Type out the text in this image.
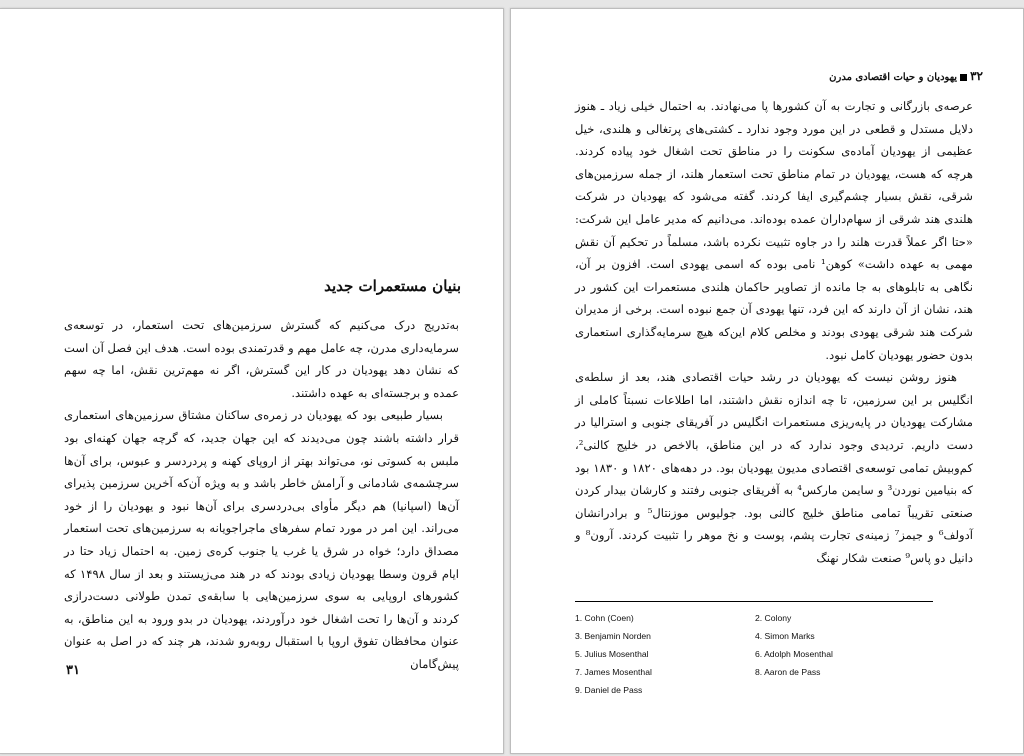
بنیان مستعمرات جدید

به‌تدریج درک می‌کنیم که گسترش سرزمین‌های تحت استعمار، در توسعه‌ی سرمایه‌داری مدرن، چه عامل مهم و قدرتمندی بوده است. هدف این فصل آن است که نشان دهد یهودیان در کار این گسترش، اگر نه مهم‌ترین نقش، اما چه سهم عمده و برجسته‌ای به عهده داشتند.

بسیار طبیعی بود که یهودیان در زمره‌ی ساکنان مشتاق سرزمین‌های استعماری قرار داشته باشند چون می‌دیدند که این جهان جدید، که گرچه جهان کهنه‌ای بود ملبس به کسوتی نو، می‌تواند بهتر از اروپای کهنه و پردردسر و عبوس، برای آن‌ها سرچشمه‌ی شادمانی و آرامش خاطر باشد و به ویژه آن‌که آخرین سرزمین پذیرای آن‌ها (اسپانیا) هم دیگر مأوای بی‌دردسری برای آن‌ها نبود و یهودیان را از خود می‌راند. این امر در مورد تمام سفرهای ماجراجویانه به سرزمین‌های تحت استعمار مصداق دارد؛ خواه در شرق یا غرب یا جنوب کره‌ی زمین. به احتمال زیاد حتا در ایام قرون وسطا یهودیان زیادی بودند که در هند می‌زیستند و بعد از سال ۱۴۹۸ که کشورهای اروپایی به سوی سرزمین‌هایی با سابقه‌ی تمدن طولانی دست‌درازی کردند و آن‌ها را تحت اشغال خود درآوردند، یهودیان در بدو ورود به این مناطق، به عنوان محافظان تفوق اروپا با استقبال روبه‌رو شدند، هر چند که در اصل به عنوان پیش‌گامان

۳۱
۳۲یهودیان و حیات اقتصادی مدرن

عرصه‌ی بازرگانی و تجارت به آن کشورها پا می‌نهادند. به احتمال خیلی زیاد ـ هنوز دلایل مستدل و قطعی در این مورد وجود ندارد ـ کشتی‌های پرتغالی و هلندی، خیل عظیمی از یهودیان آماده‌ی سکونت را در مناطق تحت اشغال خود پیاده کردند. هرچه که هست، یهودیان در تمام مناطق تحت استعمار هلند، از جمله سرزمین‌های شرقی، نقش بسیار چشم‌گیری ایفا کردند. گفته می‌شود که یهودیان در شرکت هلندی هند شرقی از سهام‌داران عمده بوده‌اند. می‌دانیم که مدیر عامل این شرکت: «حتا اگر عملاً قدرت هلند را در جاوه تثبیت نکرده باشد، مسلماً در تحکیم آن نقش مهمی به عهده داشت» کوهن¹ نامی بوده که اسمی یهودی است. افزون بر آن، نگاهی به تابلوهای به جا مانده از تصاویر حاکمان هلندی مستعمرات این کشور در هند، نشان از آن دارند که این فرد، تنها یهودی آن جمع نبوده است. برخی از مدیران شرکت هند شرقی یهودی بودند و مخلص کلام این‌که هیچ سرمایه‌گذاری استعماری بدون حضور یهودیان کامل نبود.

هنوز روشن نیست که یهودیان در رشد حیات اقتصادی هند، بعد از سلطه‌ی انگلیس بر این سرزمین، تا چه اندازه نقش داشتند، اما اطلاعات نسبتاً کاملی از مشارکت یهودیان در پایه‌ریزی مستعمرات انگلیس در آفریقای جنوبی و استرالیا در دست داریم. تردیدی وجود ندارد که در این مناطق، بالاخص در خلیج کالنی²، کم‌وبیش تمامی توسعه‌ی اقتصادی مدیون یهودیان بود. در دهه‌های ۱۸۲۰ و ۱۸۳۰ بود که بنیامین نوردن³ و سایمن مارکس⁴ به آفریقای جنوبی رفتند و کارشان بیدار کردن صنعتی تقریباً تمامی مناطق خلیج کالنی بود. جولیوس موزنتال⁵ و برادرانشان آدولف⁶ و جیمز⁷ زمینه‌ی تجارت پشم، پوست و نخ موهر را تثبیت کردند. آرون⁸ و دانیل دو پاس⁹ صنعت شکار نهنگ

1. Cohn (Coen)	2. Colony
3. Benjamin Norden	4. Simon Marks
5. Julius Mosenthal	6. Adolph Mosenthal
7. James Mosenthal	8. Aaron de Pass
9. Daniel de Pass
